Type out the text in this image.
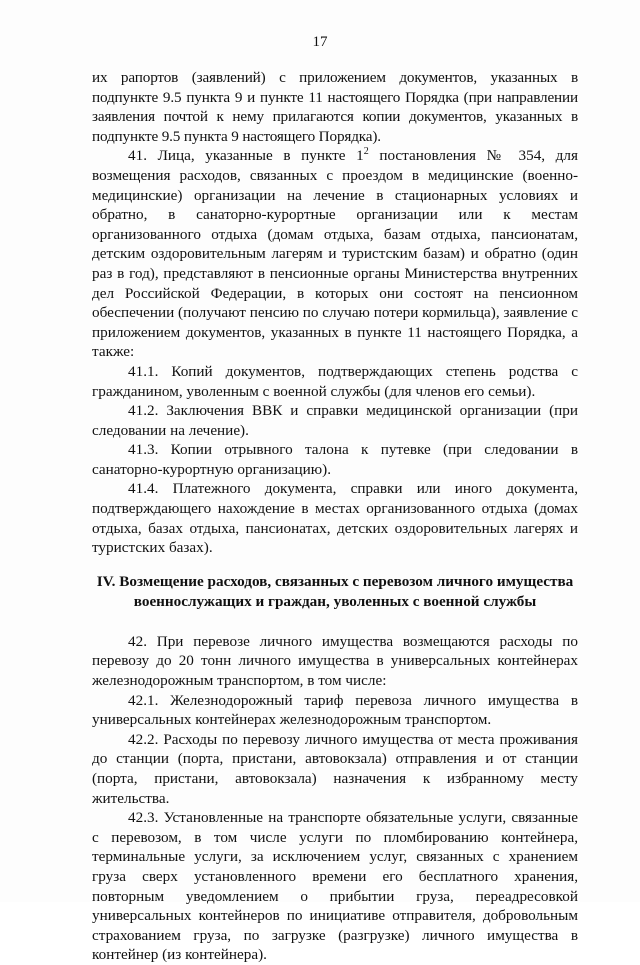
17

их рапортов (заявлений) с приложением документов, указанных в подпункте 9.5 пункта 9 и пункте 11 настоящего Порядка (при направлении заявления почтой к нему прилагаются копии документов, указанных в подпункте 9.5 пункта 9 настоящего Порядка).

41. Лица, указанные в пункте $1^2$ постановления № 354, для возмещения расходов, связанных с проездом в медицинские (военно-медицинские) организации на лечение в стационарных условиях и обратно, в санаторно-курортные организации или к местам организованного отдыха (домам отдыха, базам отдыха, пансионатам, детским оздоровительным лагерям и туристским базам) и обратно (один раз в год), представляют в пенсионные органы Министерства внутренних дел Российской Федерации, в которых они состоят на пенсионном обеспечении (получают пенсию по случаю потери кормильца), заявление с приложением документов, указанных в пункте 11 настоящего Порядка, а также:

41.1. Копий документов, подтверждающих степень родства с гражданином, уволенным с военной службы (для членов его семьи).

41.2. Заключения ВВК и справки медицинской организации (при следовании на лечение).

41.3. Копии отрывного талона к путевке (при следовании в санаторно-курортную организацию).

41.4. Платежного документа, справки или иного документа, подтверждающего нахождение в местах организованного отдыха (домах отдыха, базах отдыха, пансионатах, детских оздоровительных лагерях и туристских базах).

IV. Возмещение расходов, связанных с перевозом личного имущества
военнослужащих и граждан, уволенных с военной службы

42. При перевозе личного имущества возмещаются расходы по перевозу до 20 тонн личного имущества в универсальных контейнерах железнодорожным транспортом, в том числе:

42.1. Железнодорожный тариф перевоза личного имущества в универсальных контейнерах железнодорожным транспортом.

42.2. Расходы по перевозу личного имущества от места проживания до станции (порта, пристани, автовокзала) отправления и от станции (порта, пристани, автовокзала) назначения к избранному месту жительства.

42.3. Установленные на транспорте обязательные услуги, связанные с перевозом, в том числе услуги по пломбированию контейнера, терминальные услуги, за исключением услуг, связанных с хранением груза сверх установленного времени его бесплатного хранения, повторным уведомлением о прибытии груза, переадресовкой универсальных контейнеров по инициативе отправителя, добровольным страхованием груза, по загрузке (разгрузке) личного имущества в контейнер (из контейнера).
